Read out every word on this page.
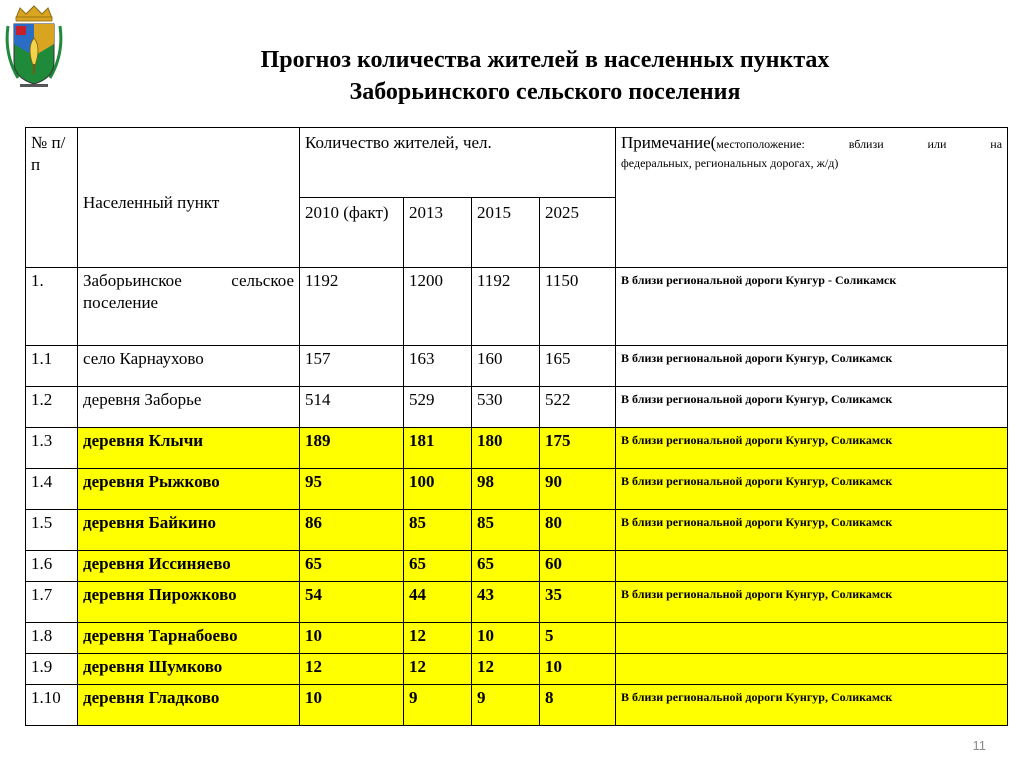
Прогноз количества жителей в населенных пунктах
Заборьинского сельского поселения
№ п/п	Населенный пункт	Количество жителей, чел.				Примечание(местоположение: вблизи или на
федеральных, региональных дорогах, ж/д)

		2010 (факт)	2013	2015	2025	
1.	Заборьинское сельское поселение	1192	1200	1192	1150	В близи региональной дороги Кунгур - Соликамск
1.1	село Карнаухово	157	163	160	165	В близи региональной дороги Кунгур, Соликамск
1.2	деревня Заборье	514	529	530	522	В близи региональной дороги Кунгур, Соликамск
1.3	деревня Клычи	189	181	180	175	В близи региональной дороги Кунгур, Соликамск
1.4	деревня Рыжково	95	100	98	90	В близи региональной дороги Кунгур, Соликамск
1.5	деревня Байкино	86	85	85	80	В близи региональной дороги Кунгур, Соликамск
1.6	деревня Иссиняево	65	65	65	60	
1.7	деревня Пирожково	54	44	43	35	В близи региональной дороги Кунгур, Соликамск
1.8	деревня Тарнабоево	10	12	10	5	
1.9	деревня Шумково	12	12	12	10	
1.10	деревня Гладково	10	9	9	8	В близи региональной дороги Кунгур, Соликамск
11
